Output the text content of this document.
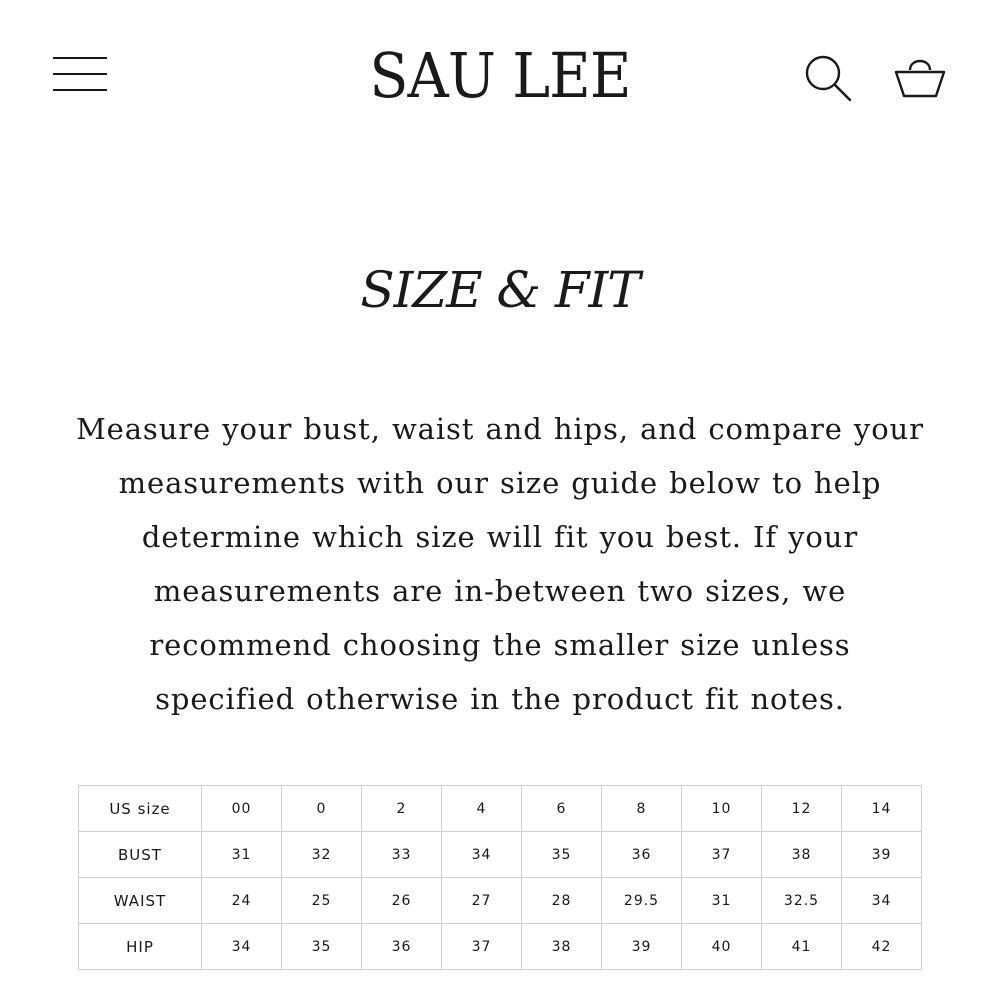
SAU LEE
SIZE & FIT

Measure your bust, waist and hips, and compare your
measurements with our size guide below to help
determine which size will fit you best. If your
measurements are in-between two sizes, we
recommend choosing the smaller size unless
specified otherwise in the product fit notes.

US size	00	0	2	4	6	8	10	12	14
BUST	31	32	33	34	35	36	37	38	39
WAIST	24	25	26	27	28	29.5	31	32.5	34
HIP	34	35	36	37	38	39	40	41	42
